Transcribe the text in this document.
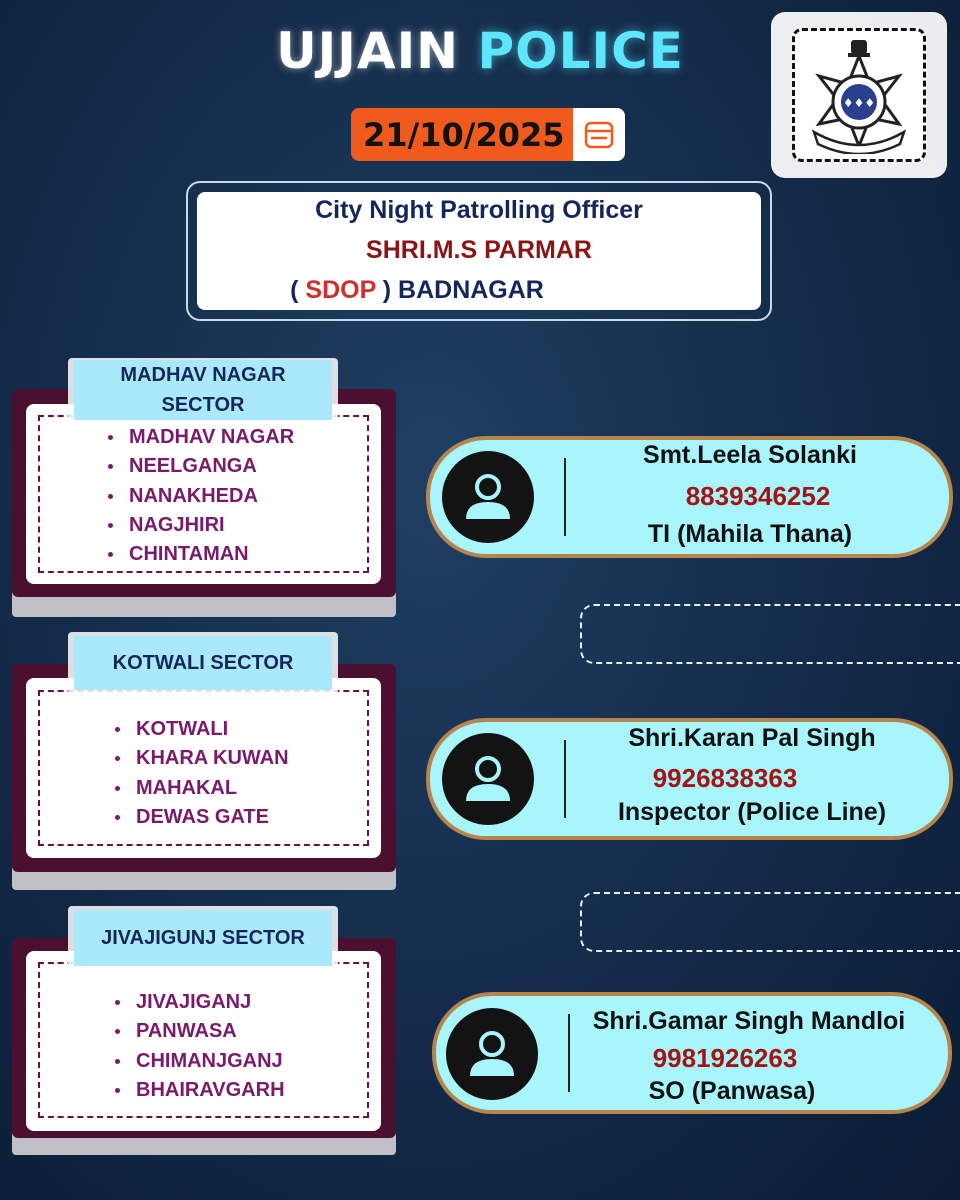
UJJAIN POLICE
21/10/2025
♦♦♦
City Night Patrolling Officer
SHRI.M.S PARMAR
( SDOP ) BADNAGAR
MADHAV NAGAR
SECTOR
MADHAV NAGAR
NEELGANGA
NANAKHEDA
NAGJHIRI
CHINTAMAN
KOTWALI SECTOR
KOTWALI
KHARA KUWAN
MAHAKAL
DEWAS GATE
JIVAJIGUNJ SECTOR
JIVAJIGANJ
PANWASA
CHIMANJGANJ
BHAIRAVGARH
Smt.Leela Solanki
8839346252
TI (Mahila Thana)
Shri.Karan Pal Singh
9926838363
Inspector (Police Line)
Shri.Gamar Singh Mandloi
9981926263
SO (Panwasa)
